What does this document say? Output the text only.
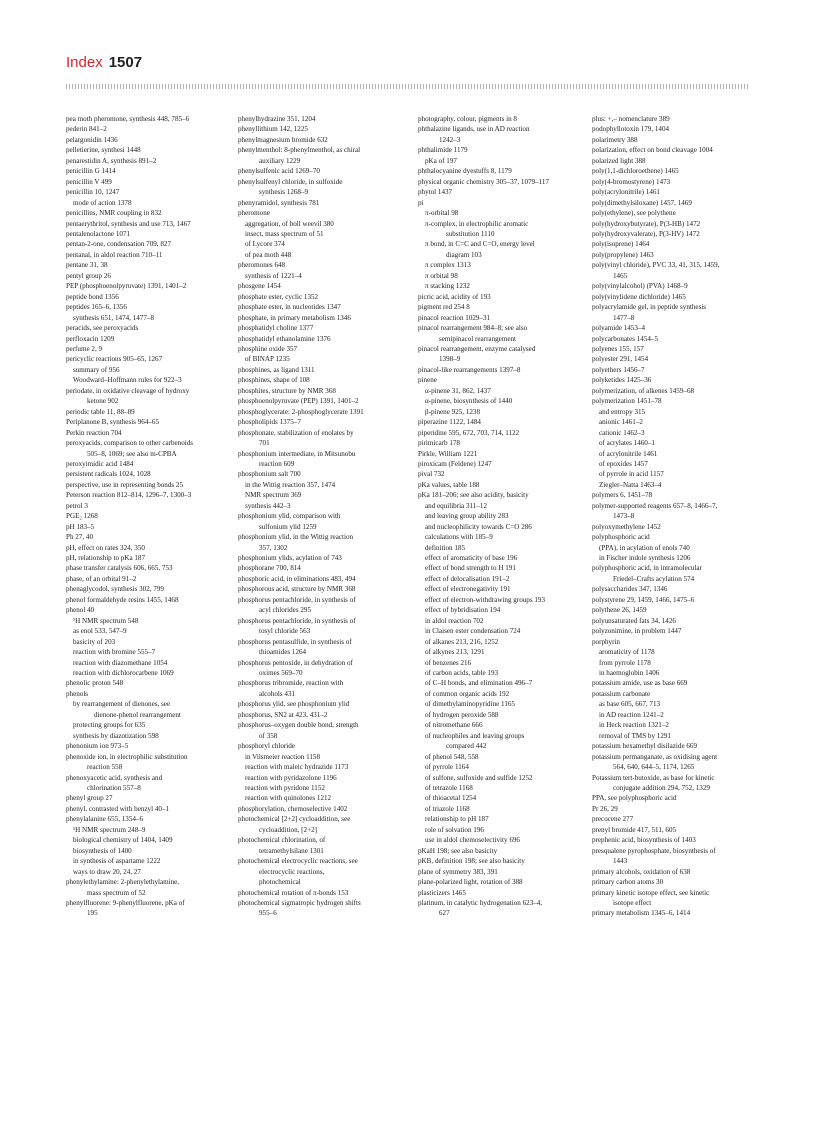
Index 1507
pea moth pheromone, synthesis 448, 785–6
pederin 841–2
pelargonidin 1436
pelletierine, synthesi 1448
penarestidin A, synthesis 891–2
penicillin G 1414
penicillin V 499
penicillin 10, 1247
mode of action 1378
penicillins, NMR coupling in 832
pentaerythritol, synthesis and use 713, 1467
pentalenolactone 1071
pentan-2-one, condensation 709, 827
pentanal, in aldol reaction 710–11
pentane 31, 38
pentyl group 26
PEP (phosphoenolpyruvate) 1391, 1401–2
peptide bond 1356
peptides 165–6, 1356
synthesis 651, 1474, 1477–8
peracids, see peroxyacids
perfloxacin 1209
perfume 2, 9
pericyclic reactions 905–65, 1267
summary of 956
Woodward–Hoffmann rules for 922–3
periodate, in oxidative cleavage of hydroxy
ketone 902
periodic table 11, 88–89
Periplanone B, synthesis 964–65
Perkin reaction 704
peroxyacids, comparison to other carbenoids
505–8, 1069; see also m-CPBA
peroxyimidic acid 1484
persistent radicals 1024, 1028
perspective, use in representing bonds 25
Peterson reaction 812–814, 1296–7, 1300–3
petrol 3
PGE₂ 1268
pH 183–5
Ph 27, 40
pH, effect on rates 324, 350
pH, relationship to pKa 187
phase transfer catalysis 606, 665, 753
phase, of an orbital 91–2
phenaglycodol, synthesis 302, 799
phenol formaldehyde resins 1455, 1468
phenol 40
¹H NMR spectrum 548
as enol 533, 547–9
basicity of 203
reaction with bromine 555–7
reaction with diazomethane 1054
reaction with dichlorocarbene 1069
phenolic proton 548
phenols
by rearrangement of dienones, see
dienone-phenol rearrangement
protecting groups for 635
synthesis by diazotization 598
phenonium ion 973–5
phenoxide ion, in electrophilic substitution
reaction 558
phenoxyacetic acid, synthesis and
chlorination 557–8
phenyl group 27
phenyl, contrasted with benzyl 40–1
phenylalanine 655, 1354–6
¹H NMR spectrum 248–9
biological chemistry of 1404, 1409
biosynthesis of 1400
in synthesis of aspartame 1222
ways to draw 20, 24, 27
phenylethylamine: 2-phenylethylamine,
mass spectrum of 52
phenylfluorene: 9-phenylfluorene, pKa of
195
phenylhydrazine 351, 1204
phenyllithium 142, 1225
phenylmagnesium bromide 632
phenylmenthol: 8-phenylmenthol, as chiral
auxiliary 1229
phenylsulfenic acid 1269–70
phenylsulfenyl chloride, in sulfoxide
synthesis 1268–9
phenyramidol, synthesis 781
pheromone
aggregation, of boll weevil 380
insect, mass spectrum of 51
of Lycore 374
of pea moth 448
pheromones 648
synthesis of 1221–4
phosgene 1454
phosphate ester, cyclic 1352
phosphate ester, in nucleotides 1347
phosphate, in primary metabolism 1346
phosphatidyl choline 1377
phosphatidyl ethanolamine 1376
phosphine oxide 357
of BINAP 1235
phosphines, as ligand 1311
phosphines, shape of 108
phosphites, structure by NMR 368
phosphoenolpyruvate (PEP) 1391, 1401–2
phosphoglycerate: 2-phosphoglycerate 1391
phospholipids 1375–7
phosphonate, stabilization of enolates by
701
phosphonium intermediate, in Mitsunobu
reaction 609
phosphonium salt 700
in the Wittig reaction 357, 1474
NMR spectrum 369
synthesis 442–3
phosphonium ylid, comparison with
sulfonium ylid 1259
phosphonium ylid, in the Wittig reaction
357, 1302
phosphonium ylids, acylation of 743
phosphorane 700, 814
phosphoric acid, in eliminations 483, 494
phosphorous acid, structure by NMR 368
phosphorus pentachloride, in synthesis of
acyl chlorides 295
phosphorus pentachloride, in synthesis of
tosyl chloride 563
phosphorus pentasulfide, in synthesis of
thioamides 1264
phosphorus pentoxide, in dehydration of
oximes 569–70
phosphorus tribromide, reaction with
alcohols 431
phosphorus ylid, see phosphonium ylid
phosphorus, SN2 at 423, 431–2
phosphorus–oxygen double bond, strength
of 358
phosphoryl chloride
in Vilsmeier reaction 1158
reaction with maleic hydrazide 1173
reaction with pyridazolone 1196
reaction with pyridone 1152
reaction with quinolones 1212
phosphorylation, chemoselective 1402
photochemical [2+2] cycloaddition, see
cycloaddition, [2+2]
photochemical chlorination, of
tetramethylsilane 1301
photochemical electrocyclic reactions, see
electrocyclic reactions,
photochemical
photochemical rotation of π-bonds 153
photochemical sigmatropic hydrogen shifts
955–6
photography, colour, pigments in 8
phthalazine ligands, use in AD reaction
1242–3
phthalimide 1179
pKa of 197
phthalocyanine dyestuffs 8, 1179
physical organic chemistry 305–37, 1079–117
phytol 1437
pi
π-orbital 98
π-complex, in electrophilic aromatic
substitution 1110
π bond, in C=C and C=O, energy level
diagram 103
π complex 1313
π orbital 98
π stacking 1232
picric acid, acidity of 193
pigment red 254 8
pinacol reaction 1029–31
pinacol rearrangement 984–8; see also
semipinacol rearrangement
pinacol rearrangement, enzyme catalysed
1398–9
pinacol-like rearrangements 1397–8
pinene
α-pinene 31, 862, 1437
α-pinene, biosynthesis of 1440
β-pinene 925, 1238
piperazine 1122, 1484
piperidine 595, 672, 703, 714, 1122
pirimicarb 178
Pirkle, William 1221
piroxicam (Feldene) 1247
pival 732
pKa values, table 188
pKa 181–206; see also acidity, basicity
and equilibria 311–12
and leaving group ability 283
and nucleophilicity towards C=O 286
calculations with 185–9
definition 185
effect of aromaticity of base 196
effect of bond strength to H 191
effect of delocalisation 191–2
effect of electronegativity 191
effect of electron-withdrawing groups 193
effect of hybridisation 194
in aldol reaction 702
in Claisen ester condensation 724
of alkanes 213, 216, 1252
of alkynes 213, 1291
of benzenes 216
of carbon acids, table 193
of C–H bonds, and elimination 496–7
of common organic acids 192
of dimethylaminopyridine 1165
of hydrogen peroxide 588
of nitromethane 666
of nucleophiles and leaving groups
compared 442
of phenol 548, 558
of pyrrole 1164
of sulfone, sulfoxide and sulfide 1252
of tetrazole 1168
of thioacetal 1254
of triazole 1168
relationship to pH 187
role of solvation 196
use in aldol chemoselectivity 696
pKaH 198; see also basicity
pKB, definition 198; see also basicity
plane of symmetry 383, 391
plane-polarized light, rotation of 388
plasticizers 1465
platinum, in catalytic hydrogenation 623–4,
627
plus: +,– nomenclature 389
podophyllotoxin 179, 1404
polarimetry 388
polarization, effect on bond cleavage 1004
polarized light 388
poly(1,1-dichloroethene) 1465
poly(4-bromostyrene) 1473
poly(acrylonitrile) 1461
poly(dimethylsiloxane) 1457, 1469
poly(ethylene), see polythene
poly(hydroxybutyrate), P(3-HB) 1472
poly(hydroxyvalerate), P(3-HV) 1472
poly(isoprene) 1464
poly(propylene) 1463
poly(vinyl chloride), PVC 33, 41, 315, 1459,
1465
poly(vinylalcohol) (PVA) 1468–9
poly(vinylidene dichloride) 1465
polyacrylamide gel, in peptide synthesis
1477–8
polyamide 1453–4
polycarbonates 1454–5
polyenes 155, 157
polyester 291, 1454
polyethers 1456–7
polyketides 1425–36
polymerization, of alkenes 1459–68
polymerization 1451–78
and entropy 315
anionic 1461–2
cationic 1462–3
of acrylates 1460–1
of acrylonitrile 1461
of epoxides 1457
of pyrrole in acid 1157
Ziegler–Natta 1463–4
polymers 6, 1451–78
polymer-supported reagents 657–8, 1466–7,
1473–8
polyoxymethylene 1452
polyphosphoric acid
(PPA), in acylation of enols 740
in Fischer indole synthesis 1206
polyphosphoric acid, in intramolecular
Friedel–Crafts acylation 574
polysaccharides 347, 1346
polystyrene 29, 1459, 1466, 1475–6
polythene 26, 1459
polyunsaturated fats 34, 1426
polyzonimine, in problem 1447
porphyrin
aromaticity of 1178
from pyrrole 1178
in haemoglobin 1406
potassium amide, use as base 669
potassium carbonate
as base 605, 667, 713
in AD reaction 1241–2
in Heck reaction 1321–2
removal of TMS by 1291
potassium hexamethyl disilazide 669
potassium permanganate, as oxidising agent
564, 640, 644–5, 1174, 1265
Potassium tert-butoxide, as base for kinetic
conjugate addition 294, 752, 1329
PPA, see polyphosphoric acid
Pr 26, 29
precocene 277
prenyl bromide 417, 511, 605
prephenic acid, biosynthesis of 1403
presqualene pyrophosphate, biosynthesis of
1443
primary alcohols, oxidation of 638
primary carbon atoms 30
primary kinetic isotope effect, see kinetic
isotope effect
primary metabolism 1345–6, 1414
